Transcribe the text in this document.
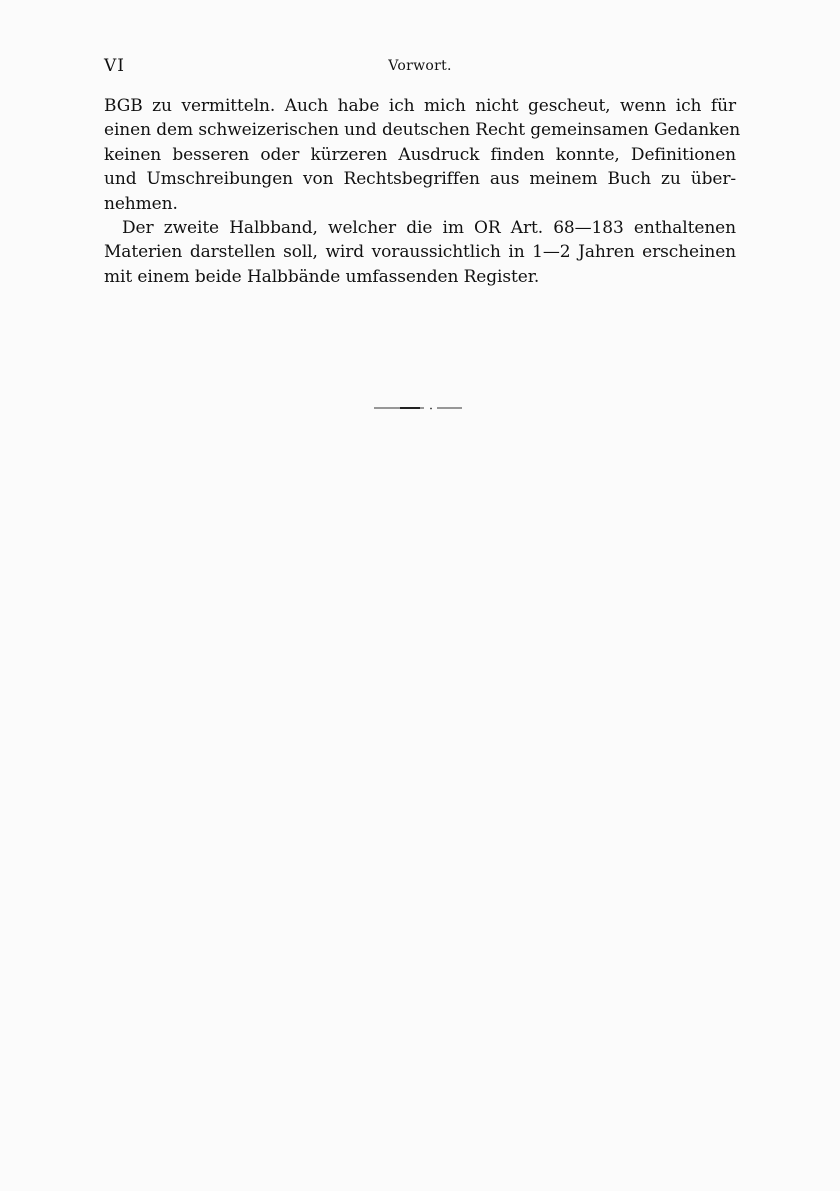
VI	Vorwort.
BGB zu vermitteln. Auch habe ich mich nicht gescheut, wenn ich für
einen dem schweizerischen und deutschen Recht gemeinsamen Gedanken
keinen besseren oder kürzeren Ausdruck finden konnte, Definitionen
und Umschreibungen von Rechtsbegriffen aus meinem Buch zu über-
nehmen.
Der zweite Halbband, welcher die im OR Art. 68—183 enthaltenen
Materien darstellen soll, wird voraussichtlich in 1—2 Jahren erscheinen
mit einem beide Halbbände umfassenden Register.
